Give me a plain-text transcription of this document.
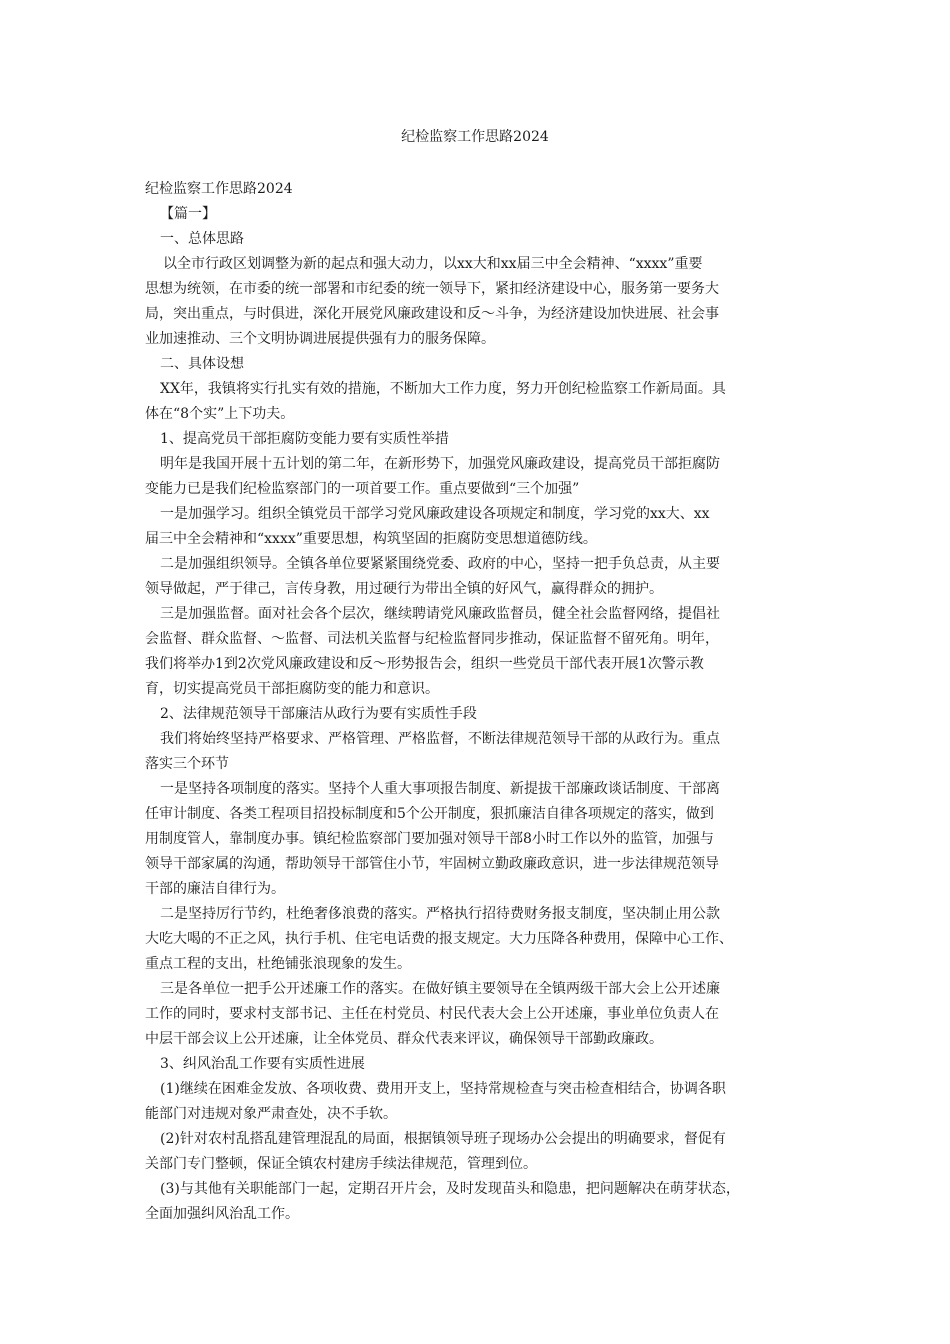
纪检监察工作思路2024

纪检监察工作思路2024

【篇一】

一、总体思路

以全市行政区划调整为新的起点和强大动力，以xx大和xx届三中全会精神、“xxxx”重要

思想为统领，在市委的统一部署和市纪委的统一领导下，紧扣经济建设中心，服务第一要务大

局，突出重点，与时俱进，深化开展党风廉政建设和反～斗争，为经济建设加快进展、社会事

业加速推动、三个文明协调进展提供强有力的服务保障。

二、具体设想

XX年，我镇将实行扎实有效的措施，不断加大工作力度，努力开创纪检监察工作新局面。具

体在“8个实”上下功夫。

1、提高党员干部拒腐防变能力要有实质性举措

明年是我国开展十五计划的第二年，在新形势下，加强党风廉政建设，提高党员干部拒腐防

变能力已是我们纪检监察部门的一项首要工作。重点要做到“三个加强”

一是加强学习。组织全镇党员干部学习党风廉政建设各项规定和制度，学习党的xx大、xx

届三中全会精神和“xxxx”重要思想，构筑坚固的拒腐防变思想道德防线。

二是加强组织领导。全镇各单位要紧紧围绕党委、政府的中心，坚持一把手负总责，从主要

领导做起，严于律己，言传身教，用过硬行为带出全镇的好风气，赢得群众的拥护。

三是加强监督。面对社会各个层次，继续聘请党风廉政监督员，健全社会监督网络，提倡社

会监督、群众监督、～监督、司法机关监督与纪检监督同步推动，保证监督不留死角。明年，

我们将举办1到2次党风廉政建设和反～形势报告会，组织一些党员干部代表开展1次警示教

育，切实提高党员干部拒腐防变的能力和意识。

2、法律规范领导干部廉洁从政行为要有实质性手段

我们将始终坚持严格要求、严格管理、严格监督，不断法律规范领导干部的从政行为。重点

落实三个环节

一是坚持各项制度的落实。坚持个人重大事项报告制度、新提拔干部廉政谈话制度、干部离

任审计制度、各类工程项目招投标制度和5个公开制度，狠抓廉洁自律各项规定的落实，做到

用制度管人，靠制度办事。镇纪检监察部门要加强对领导干部8小时工作以外的监管，加强与

领导干部家属的沟通，帮助领导干部管住小节，牢固树立勤政廉政意识，进一步法律规范领导

干部的廉洁自律行为。

二是坚持厉行节约，杜绝奢侈浪费的落实。严格执行招待费财务报支制度，坚决制止用公款

大吃大喝的不正之风，执行手机、住宅电话费的报支规定。大力压降各种费用，保障中心工作、

重点工程的支出，杜绝铺张浪现象的发生。

三是各单位一把手公开述廉工作的落实。在做好镇主要领导在全镇两级干部大会上公开述廉

工作的同时，要求村支部书记、主任在村党员、村民代表大会上公开述廉，事业单位负责人在

中层干部会议上公开述廉，让全体党员、群众代表来评议，确保领导干部勤政廉政。

3、纠风治乱工作要有实质性进展

(1)继续在困难金发放、各项收费、费用开支上，坚持常规检查与突击检查相结合，协调各职

能部门对违规对象严肃查处，决不手软。

(2)针对农村乱搭乱建管理混乱的局面，根据镇领导班子现场办公会提出的明确要求，督促有

关部门专门整顿，保证全镇农村建房手续法律规范，管理到位。

(3)与其他有关职能部门一起，定期召开片会，及时发现苗头和隐患，把问题解决在萌芽状态，

全面加强纠风治乱工作。
